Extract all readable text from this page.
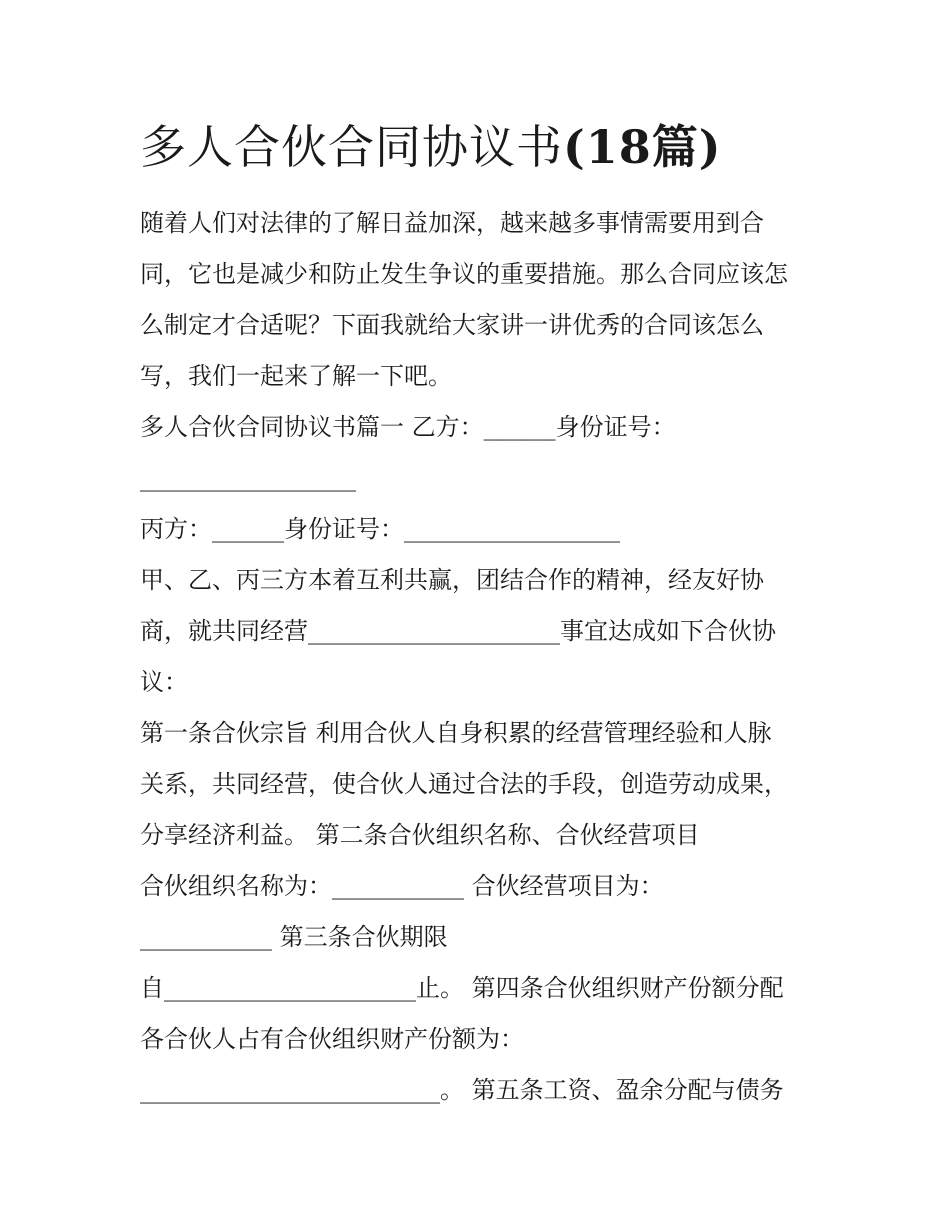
多人合伙合同协议书(18篇)
随着人们对法律的了解日益加深，越来越多事情需要用到合
同，它也是减少和防止发生争议的重要措施。那么合同应该怎
么制定才合适呢？下面我就给大家讲一讲优秀的合同该怎么
写，我们一起来了解一下吧。
多人合伙合同协议书篇一 乙方：______身份证号：
__________________
丙方：______身份证号：__________________
甲、乙、丙三方本着互利共赢，团结合作的精神，经友好协
商，就共同经营_____________________事宜达成如下合伙协
议：
第一条合伙宗旨 利用合伙人自身积累的经营管理经验和人脉
关系，共同经营，使合伙人通过合法的手段，创造劳动成果，
分享经济利益。 第二条合伙组织名称、合伙经营项目
合伙组织名称为：___________ 合伙经营项目为：
___________ 第三条合伙期限
自_____________________止。 第四条合伙组织财产份额分配
各合伙人占有合伙组织财产份额为：
_________________________。 第五条工资、盈余分配与债务
